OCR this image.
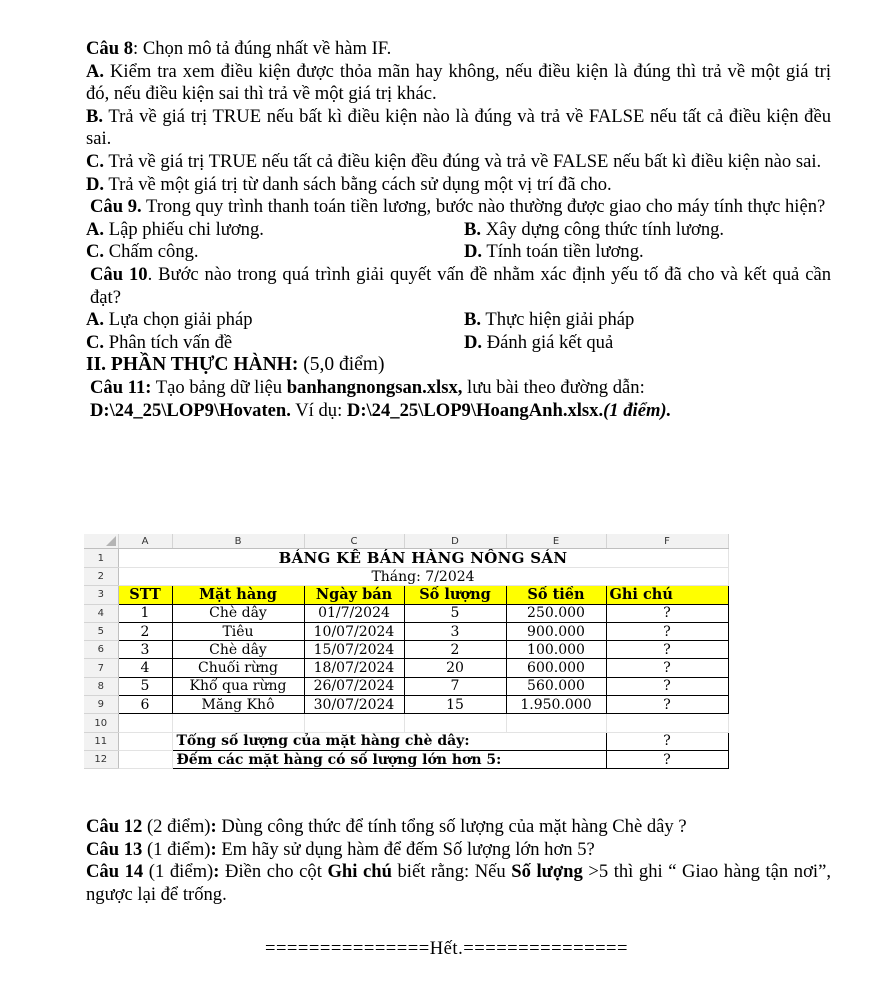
Câu 8: Chọn mô tả đúng nhất về hàm IF.

A. Kiểm tra xem điều kiện được thỏa mãn hay không, nếu điều kiện là đúng thì trả về một giá trị đó, nếu điều kiện sai thì trả về một giá trị khác.

B. Trả về giá trị TRUE nếu bất kì điều kiện nào là đúng và trả về FALSE nếu tất cả điều kiện đều sai.

C. Trả về giá trị TRUE nếu tất cả điều kiện đều đúng và trả về FALSE nếu bất kì điều kiện nào sai.

D. Trả về một giá trị từ danh sách bằng cách sử dụng một vị trí đã cho.

Câu 9. Trong quy trình thanh toán tiền lương, bước nào thường được giao cho máy tính thực hiện?

A. Lập phiếu chi lương.	B. Xây dựng công thức tính lương.
C. Chấm công.	D. Tính toán tiền lương.

Câu 10. Bước nào trong quá trình giải quyết vấn đề nhằm xác định yếu tố đã cho và kết quả cần đạt?

A. Lựa chọn giải pháp	B. Thực hiện giải pháp
C. Phân tích vấn đề	D. Đánh giá kết quả

II. PHẦN THỰC HÀNH: (5,0 điểm)

Câu 11: Tạo bảng dữ liệu banhangnongsan.xlsx, lưu bài theo đường dẫn:
D:\24_25\LOP9\Hovaten. Ví dụ: D:\24_25\LOP9\HoangAnh.xlsx.(1 điểm).

	A	B	C	D	E	F
1	BẢNG KÊ BÁN HÀNG NÔNG SẢN					
2	Tháng: 7/2024					
3	STT	Mặt hàng	Ngày bán	Số lượng	Số tiền	Ghi chú
4	1	Chè dây	01/7/2024	5	250.000	?
5	2	Tiêu	10/07/2024	3	900.000	?
6	3	Chè dây	15/07/2024	2	100.000	?
7	4	Chuối rừng	18/07/2024	20	600.000	?
8	5	Khổ qua rừng	26/07/2024	7	560.000	?
9	6	Măng Khô	30/07/2024	15	1.950.000	?
10						
11		Tổng số lượng của mặt hàng chè dây:				?
12		Đếm các mặt hàng có số lượng lớn hơn 5:				?

Câu 12 (2 điểm): Dùng công thức để tính tổng số lượng của mặt hàng Chè dây ?

Câu 13 (1 điểm): Em hãy sử dụng hàm để đếm Số lượng lớn hơn 5?

Câu 14 (1 điểm): Điền cho cột Ghi chú biết rằng: Nếu Số lượng >5 thì ghi “ Giao hàng tận nơi”, ngược lại để trống.

===============Hết.===============
